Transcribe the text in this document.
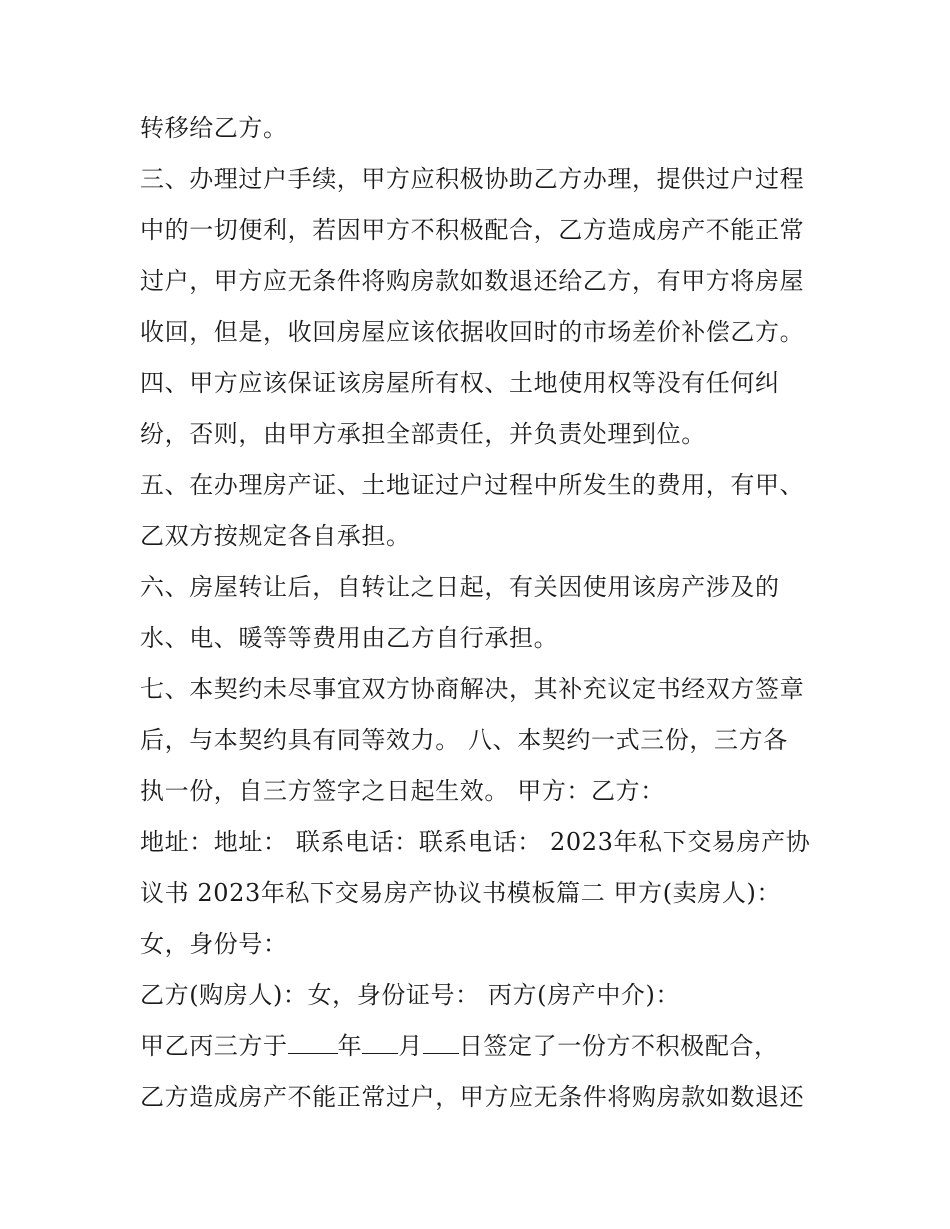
转移给乙方。
三、办理过户手续，甲方应积极协助乙方办理，提供过户过程
中的一切便利，若因甲方不积极配合，乙方造成房产不能正常
过户，甲方应无条件将购房款如数退还给乙方，有甲方将房屋
收回，但是，收回房屋应该依据收回时的市场差价补偿乙方。
四、甲方应该保证该房屋所有权、土地使用权等没有任何纠
纷，否则，由甲方承担全部责任，并负责处理到位。
五、在办理房产证、土地证过户过程中所发生的费用，有甲、
乙双方按规定各自承担。
六、房屋转让后，自转让之日起，有关因使用该房产涉及的
水、电、暖等等费用由乙方自行承担。
七、本契约未尽事宜双方协商解决，其补充议定书经双方签章
后，与本契约具有同等效力。 八、本契约一式三份，三方各
执一份，自三方签字之日起生效。 甲方：乙方：
地址：地址： 联系电话：联系电话： 2023年私下交易房产协
议书 2023年私下交易房产协议书模板篇二 甲方(卖房人)：
女，身份号：
乙方(购房人)：女，身份证号： 丙方(房产中介)：
甲乙丙三方于 年 月 日签定了一份方不积极配合，
乙方造成房产不能正常过户，甲方应无条件将购房款如数退还
